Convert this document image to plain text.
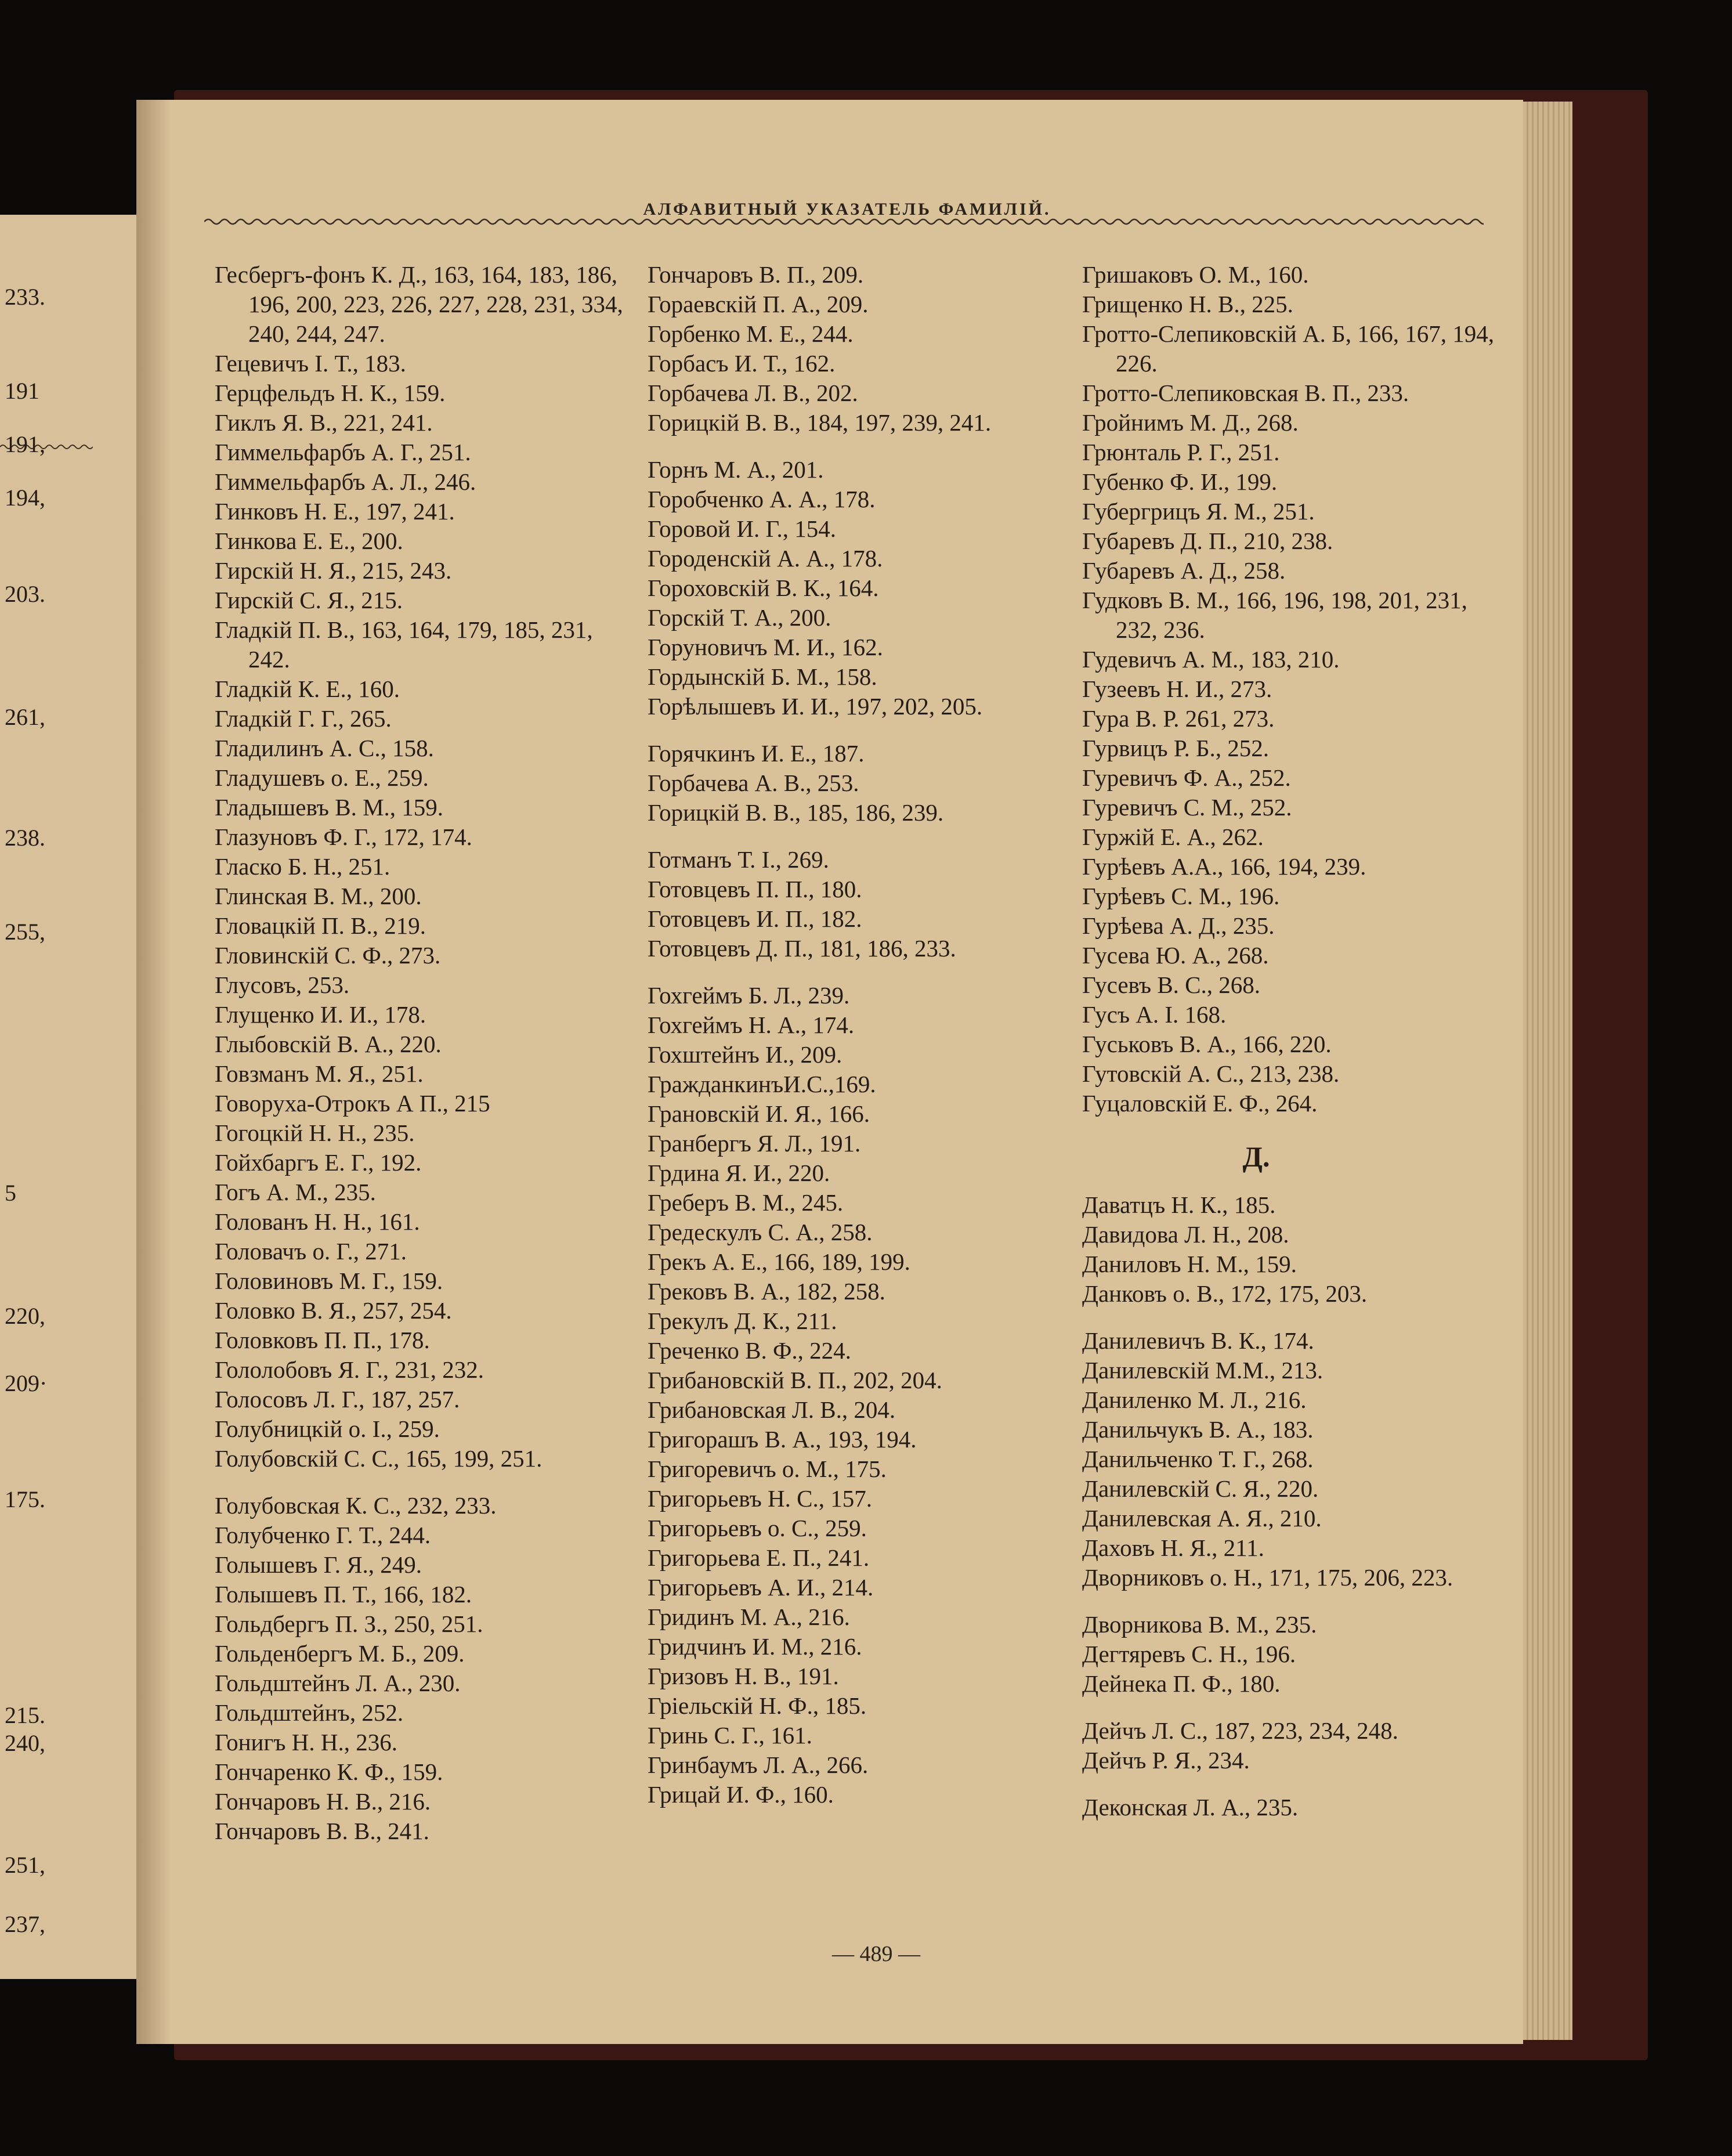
233.
191
191,
194,
203.
261,
238.
255,
5
220,
209·
175.
215.
240,
251,
237,
АЛФАВИТНЫЙ УКАЗАТЕЛЬ ФАМИЛІЙ.
Гесбергъ-фонъ К. Д., 163, 164, 183, 186, 196, 200, 223, 226, 227, 228, 231, 334, 240, 244, 247.
Гецевичъ І. Т., 183.
Герцфельдъ Н. К., 159.
Гиклъ Я. В., 221, 241.
Гиммельфарбъ А. Г., 251.
Гиммельфарбъ А. Л., 246.
Гинковъ Н. Е., 197, 241.
Гинкова Е. Е., 200.
Гирскій Н. Я., 215, 243.
Гирскій С. Я., 215.
Гладкій П. В., 163, 164, 179, 185, 231, 242.
Гладкій К. Е., 160.
Гладкій Г. Г., 265.
Гладилинъ А. С., 158.
Гладушевъ о. Е., 259.
Гладышевъ В. М., 159.
Глазуновъ Ф. Г., 172, 174.
Гласко Б. Н., 251.
Глинская В. М., 200.
Гловацкій П. В., 219.
Гловинскій С. Ф., 273.
Глусовъ, 253.
Глущенко И. И., 178.
Глыбовскій В. А., 220.
Говзманъ М. Я., 251.
Говоруха-Отрокъ А П., 215
Гогоцкій Н. Н., 235.
Гойхбаргъ Е. Г., 192.
Гогъ А. М., 235.
Голованъ Н. Н., 161.
Головачъ о. Г., 271.
Головиновъ М. Г., 159.
Головко В. Я., 257, 254.
Головковъ П. П., 178.
Гололобовъ Я. Г., 231, 232.
Голосовъ Л. Г., 187, 257.
Голубницкій о. І., 259.
Голубовскій С. С., 165, 199, 251.
Голубовская К. С., 232, 233.
Голубченко Г. Т., 244.
Голышевъ Г. Я., 249.
Голышевъ П. Т., 166, 182.
Гольдбергъ П. З., 250, 251.
Гольденбергъ М. Б., 209.
Гольдштейнъ Л. А., 230.
Гольдштейнъ, 252.
Гонигъ Н. Н., 236.
Гончаренко К. Ф., 159.
Гончаровъ Н. В., 216.
Гончаровъ В. В., 241.
Гончаровъ В. П., 209.
Гораевскій П. А., 209.
Горбенко М. Е., 244.
Горбасъ И. Т., 162.
Горбачева Л. В., 202.
Горицкій В. В., 184, 197, 239, 241.
Горнъ М. А., 201.
Горобченко А. А., 178.
Горовой И. Г., 154.
Городенскій А. А., 178.
Гороховскій В. К., 164.
Горскій Т. А., 200.
Горуновичъ М. И., 162.
Гордынскій Б. М., 158.
Горѣлышевъ И. И., 197, 202, 205.
Горячкинъ И. Е., 187.
Горбачева А. В., 253.
Горицкій В. В., 185, 186, 239.
Готманъ Т. І., 269.
Готовцевъ П. П., 180.
Готовцевъ И. П., 182.
Готовцевъ Д. П., 181, 186, 233.
Гохгеймъ Б. Л., 239.
Гохгеймъ Н. А., 174.
Гохштейнъ И., 209.
ГражданкинъИ.С.,169.
Грановскій И. Я., 166.
Гранбергъ Я. Л., 191.
Грдина Я. И., 220.
Греберъ В. М., 245.
Гредескулъ С. А., 258.
Грекъ А. Е., 166, 189, 199.
Грековъ В. А., 182, 258.
Грекулъ Д. К., 211.
Греченко В. Ф., 224.
Грибановскій В. П., 202, 204.
Грибановская Л. В., 204.
Григорашъ В. А., 193, 194.
Григоревичъ о. М., 175.
Григорьевъ Н. С., 157.
Григорьевъ о. С., 259.
Григорьева Е. П., 241.
Григорьевъ А. И., 214.
Гридинъ М. А., 216.
Гридчинъ И. М., 216.
Гризовъ Н. В., 191.
Гріельскій Н. Ф., 185.
Гринь С. Г., 161.
Гринбаумъ Л. А., 266.
Грицай И. Ф., 160.
Гришаковъ О. М., 160.
Грищенко Н. В., 225.
Гротто-Слепиковскій А. Б, 166, 167, 194, 226.
Гротто-Слепиковская В. П., 233.
Гройнимъ М. Д., 268.
Грюнталь Р. Г., 251.
Губенко Ф. И., 199.
Губергрицъ Я. М., 251.
Губаревъ Д. П., 210, 238.
Губаревъ А. Д., 258.
Гудковъ В. М., 166, 196, 198, 201, 231, 232, 236.
Гудевичъ А. М., 183, 210.
Гузеевъ Н. И., 273.
Гура В. Р. 261, 273.
Гурвицъ Р. Б., 252.
Гуревичъ Ф. А., 252.
Гуревичъ С. М., 252.
Гуржій Е. А., 262.
Гурѣевъ А.А., 166, 194, 239.
Гурѣевъ С. М., 196.
Гурѣева А. Д., 235.
Гусева Ю. А., 268.
Гусевъ В. С., 268.
Гусъ А. І. 168.
Гуськовъ В. А., 166, 220.
Гутовскій А. С., 213, 238.
Гуцаловскій Е. Ф., 264.
Д.
Даватцъ Н. К., 185.
Давидова Л. Н., 208.
Даниловъ Н. М., 159.
Данковъ о. В., 172, 175, 203.
Данилевичъ В. К., 174.
Данилевскій М.М., 213.
Даниленко М. Л., 216.
Данильчукъ В. А., 183.
Данильченко Т. Г., 268.
Данилевскій С. Я., 220.
Данилевская А. Я., 210.
Даховъ Н. Я., 211.
Дворниковъ о. Н., 171, 175, 206, 223.
Дворникова В. М., 235.
Дегтяревъ С. Н., 196.
Дейнека П. Ф., 180.
Дейчъ Л. С., 187, 223, 234, 248.
Дейчъ Р. Я., 234.
Деконская Л. А., 235.
— 489 —
